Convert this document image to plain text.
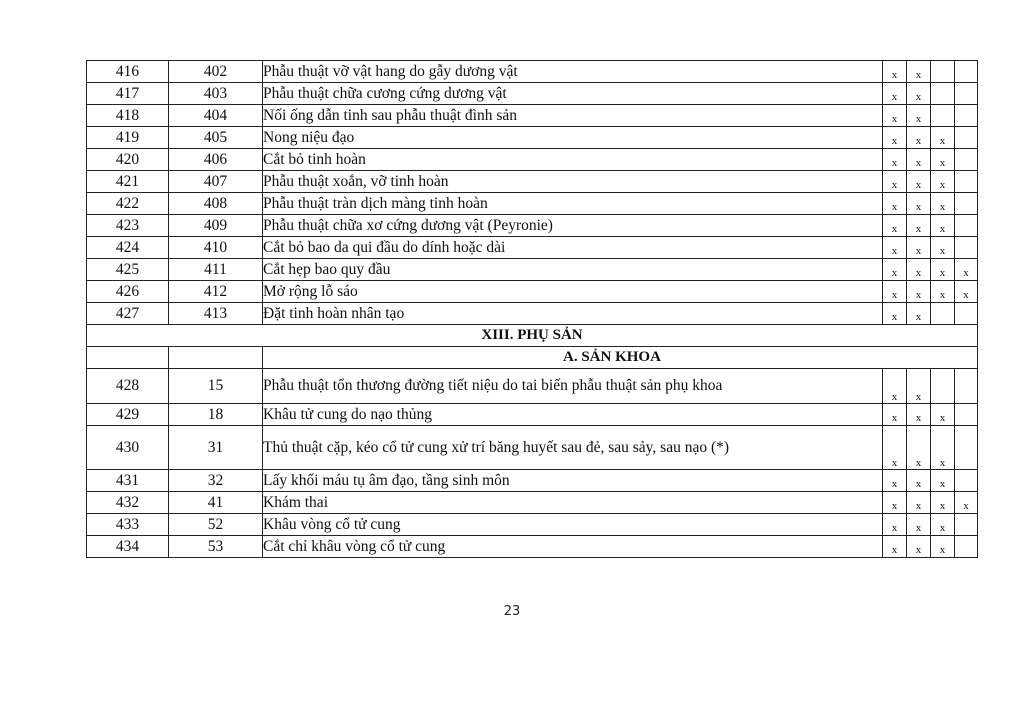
416	402	Phẫu thuật vỡ vật hang do gẫy dương vật	x	x		
417	403	Phẫu thuật chữa cương cứng dương vật	x	x		
418	404	Nối ống dẫn tinh sau phẫu thuật đình sản	x	x		
419	405	Nong niệu đạo	x	x	x	
420	406	Cắt bỏ tinh hoàn	x	x	x	
421	407	Phẫu thuật xoắn, vỡ tinh hoàn	x	x	x	
422	408	Phẫu thuật tràn dịch màng tinh hoàn	x	x	x	
423	409	Phẫu thuật chữa xơ cứng dương vật (Peyronie)	x	x	x	
424	410	Cắt bỏ bao da qui đầu do dính hoặc dài	x	x	x	
425	411	Cắt hẹp bao quy đầu	x	x	x	x
426	412	Mở rộng lỗ sáo	x	x	x	x
427	413	Đặt tinh hoàn nhân tạo	x	x		
XIII. PHỤ SẢN						
		A. SẢN KHOA				
428	15	Phẫu thuật tổn thương đường tiết niệu do tai biến phẫu thuật sản phụ khoa	x	x		
429	18	Khâu tử cung do nạo thủng	x	x	x	
430	31	Thủ thuật cặp, kéo cổ tử cung xử trí băng huyết sau đẻ, sau sảy, sau nạo (*)	x	x	x	
431	32	Lấy khối máu tụ âm đạo, tầng sinh môn	x	x	x	
432	41	Khám thai	x	x	x	x
433	52	Khâu vòng cổ tử cung	x	x	x	
434	53	Cắt chỉ khâu vòng cổ tử cung	x	x	x	
23
